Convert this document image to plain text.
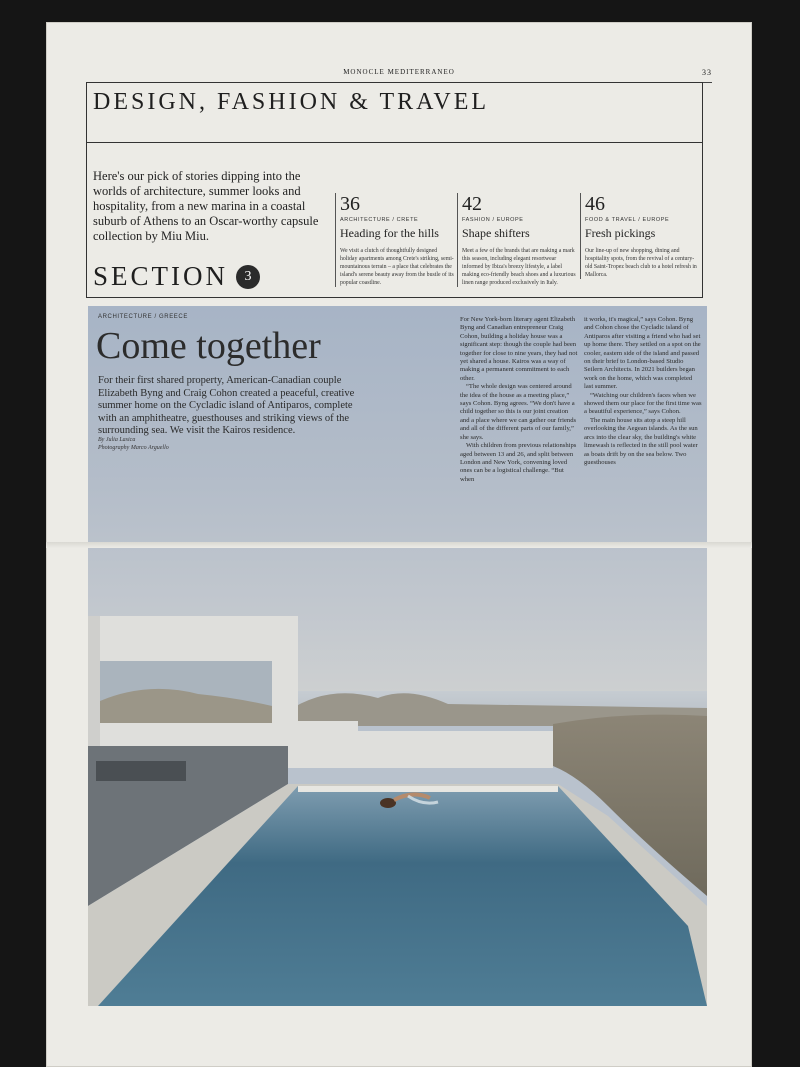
MONOCLE MEDITERRANEO	33
DESIGN, FASHION & TRAVEL
Here's our pick of stories dipping into the worlds of architecture, summer looks and hospitality, from a new marina in a coastal suburb of Athens to an Oscar-worthy capsule collection by Miu Miu.
SECTION	3
36
ARCHITECTURE / CRETE
Heading for the hills
We visit a clutch of thoughtfully designed holiday apartments among Crete's striking, semi-mountainous terrain – a place that celebrates the island's serene beauty away from the bustle of its popular coastline.
42
FASHION / EUROPE
Shape shifters
Meet a few of the brands that are making a mark this season, including elegant resortwear informed by Ibiza's breezy lifestyle, a label making eco-friendly beach shoes and a luxurious linen range produced exclusively in Italy.
46
FOOD & TRAVEL / EUROPE
Fresh pickings
Our line-up of new shopping, dining and hospitality spots, from the revival of a century-old Saint-Tropez beach club to a hotel refresh in Mallorca.
ARCHITECTURE / GREECE
Come together
For their first shared property, American-Canadian couple Elizabeth Byng and Craig Cohon created a peaceful, creative summer home on the Cycladic island of Antiparos, complete with an amphitheatre, guesthouses and striking views of the surrounding sea. We visit the Kairos residence.
By Julia Lasica
Photography Marco Arguello

For New York-born literary agent Elizabeth Byng and Canadian entrepreneur Craig Cohon, building a holiday house was a significant step: though the couple had been together for close to nine years, they had not yet shared a house. Kairos was a way of making a permanent commitment to each other.

“The whole design was centered around the idea of the house as a meeting place,” says Cohon. Byng agrees. “We don't have a child together so this is our joint creation and a place where we can gather our friends and all of the different parts of our family,” she says.

With children from previous relationships aged between 13 and 26, and split between London and New York, convening loved ones can be a logistical challenge. “But when

it works, it's magical,” says Cohon. Byng and Cohon chose the Cycladic island of Antiparos after visiting a friend who had set up home there. They settled on a spot on the cooler, eastern side of the island and passed on their brief to London-based Studio Seilern Architects. In 2021 builders began work on the home, which was completed last summer.

“Watching our children's faces when we showed them our place for the first time was a beautiful experience,” says Cohon.

The main house sits atop a steep hill overlooking the Aegean islands. As the sun arcs into the clear sky, the building's white limewash is reflected in the still pool water as boats drift by on the sea below. Two guesthouses
